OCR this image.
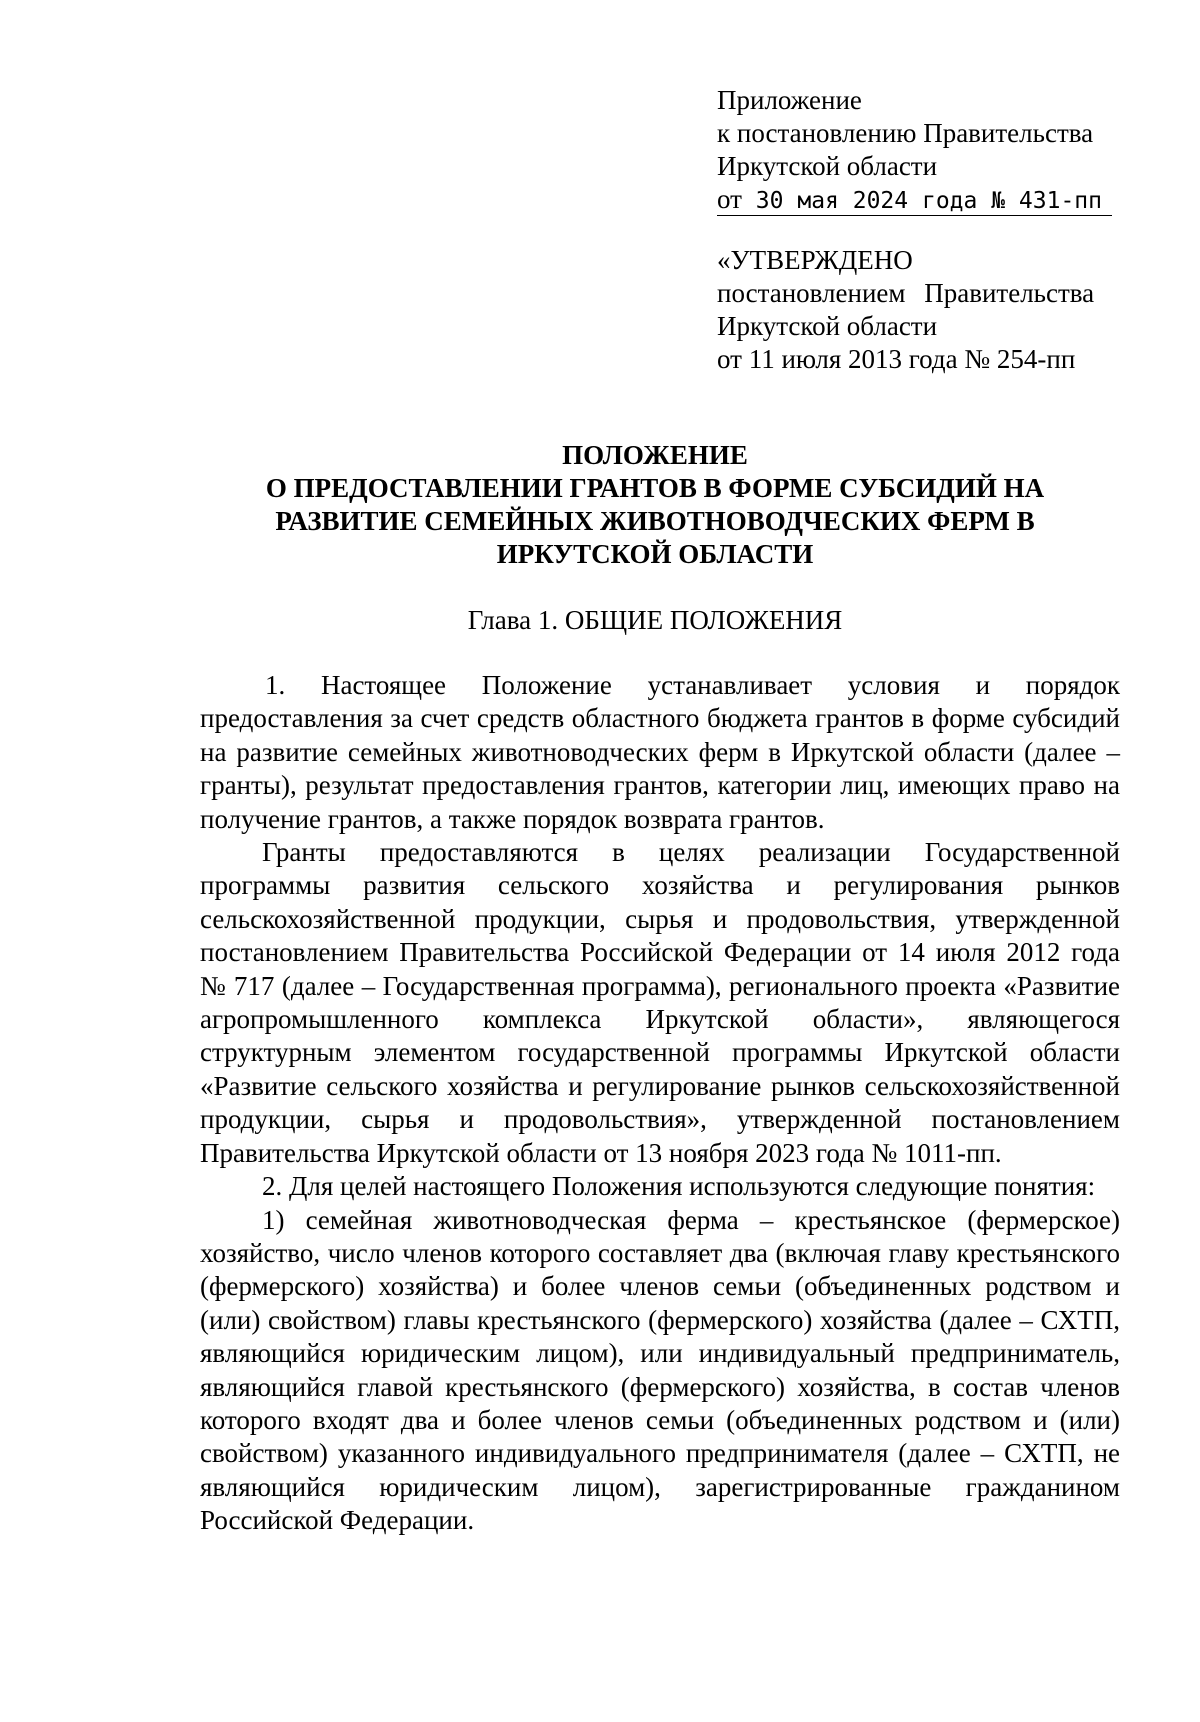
Приложение
к постановлению Правительства
Иркутской области
от 30 мая 2024 года № 431-пп
«УТВЕРЖДЕНО
постановлением Правительства
Иркутской области
от 11 июля 2013 года № 254-пп
ПОЛОЖЕНИЕ
О ПРЕДОСТАВЛЕНИИ ГРАНТОВ В ФОРМЕ СУБСИДИЙ НА
РАЗВИТИЕ СЕМЕЙНЫХ ЖИВОТНОВОДЧЕСКИХ ФЕРМ В
ИРКУТСКОЙ ОБЛАСТИ
Глава 1. ОБЩИЕ ПОЛОЖЕНИЯ

1. Настоящее Положение устанавливает условия и порядок предоставления за счет средств областного бюджета грантов в форме субсидий на развитие семейных животноводческих ферм в Иркутской области (далее – гранты), результат предоставления грантов, категории лиц, имеющих право на получение грантов, а также порядок возврата грантов.

Гранты предоставляются в целях реализации Государственной программы развития сельского хозяйства и регулирования рынков сельскохозяйственной продукции, сырья и продовольствия, утвержденной постановлением Правительства Российской Федерации от 14 июля 2012 года № 717 (далее – Государственная программа), регионального проекта «Развитие агропромышленного комплекса Иркутской области», являющегося структурным элементом государственной программы Иркутской области «Развитие сельского хозяйства и регулирование рынков сельскохозяйственной продукции, сырья и продовольствия», утвержденной постановлением Правительства Иркутской области от 13 ноября 2023 года № 1011-пп.

2. Для целей настоящего Положения используются следующие понятия:

1) семейная животноводческая ферма – крестьянское (фермерское) хозяйство, число членов которого составляет два (включая главу крестьянского (фермерского) хозяйства) и более членов семьи (объединенных родством и (или) свойством) главы крестьянского (фермерского) хозяйства (далее – СХТП, являющийся юридическим лицом), или индивидуальный предприниматель, являющийся главой крестьянского (фермерского) хозяйства, в состав членов которого входят два и более членов семьи (объединенных родством и (или) свойством) указанного индивидуального предпринимателя (далее – СХТП, не являющийся юридическим лицом), зарегистрированные гражданином Российской Федерации.
